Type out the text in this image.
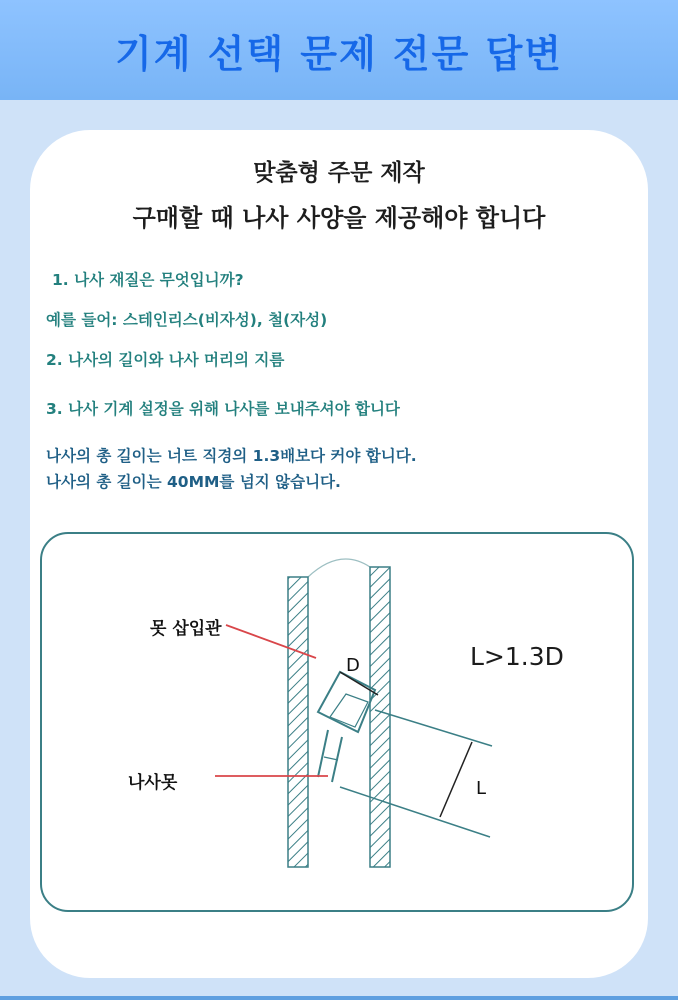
기계 선택 문제 전문 답변
맞춤형 주문 제작
구매할 때 나사 사양을 제공해야 합니다
1. 나사 재질은 무엇입니까?
예를 들어: 스테인리스(비자성), 철(자성)
2. 나사의 길이와 나사 머리의 지름
3. 나사 기계 설정을 위해 나사를 보내주셔야 합니다
나사의 총 길이는 너트 직경의 1.3배보다 커야 합니다.
나사의 총 길이는 40MM를 넘지 않습니다.
못 삽입관
나사못
D
L
L>1.3D
